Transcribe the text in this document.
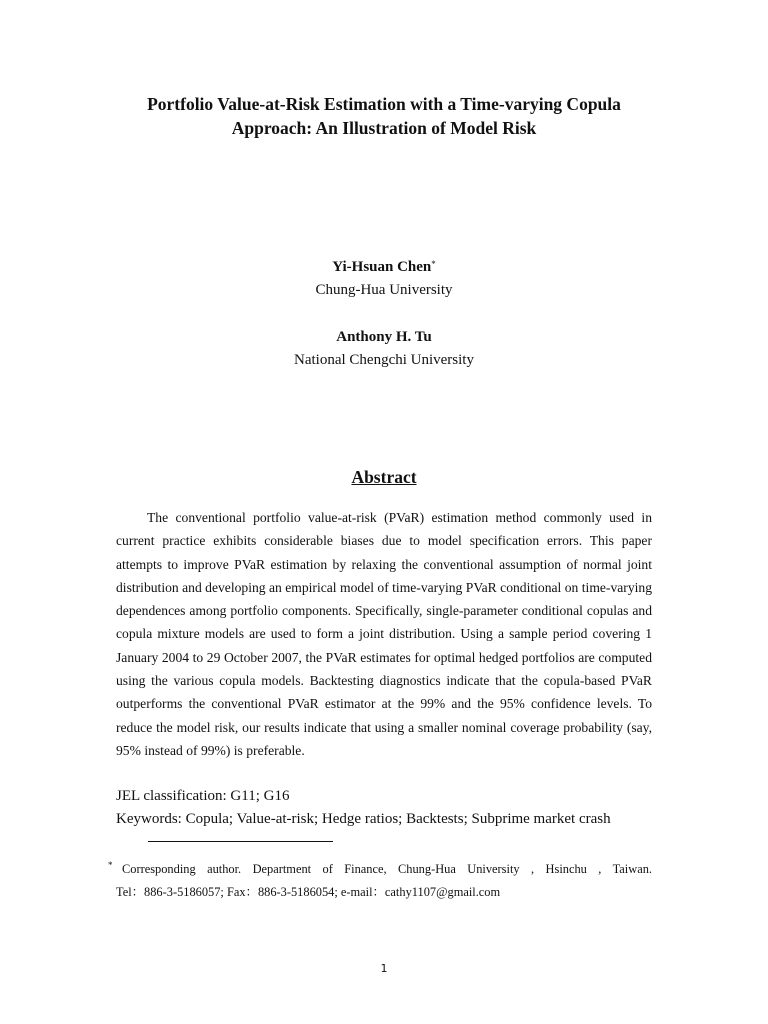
Portfolio Value-at-Risk Estimation with a Time-varying Copula
Approach: An Illustration of Model Risk
Yi-Hsuan Chen*
Chung-Hua University
Anthony H. Tu
National Chengchi University
Abstract

The conventional portfolio value-at-risk (PVaR) estimation method commonly used in current practice exhibits considerable biases due to model specification errors. This paper attempts to improve PVaR estimation by relaxing the conventional assumption of normal joint distribution and developing an empirical model of time-varying PVaR conditional on time-varying dependences among portfolio components. Specifically, single-parameter conditional copulas and copula mixture models are used to form a joint distribution. Using a sample period covering 1 January 2004 to 29 October 2007, the PVaR estimates for optimal hedged portfolios are computed using the various copula models. Backtesting diagnostics indicate that the copula-based PVaR outperforms the conventional PVaR estimator at the 99% and the 95% confidence levels. To reduce the model risk, our results indicate that using a smaller nominal coverage probability (say, 95% instead of 99%) is preferable.

JEL classification: G11; G16
Keywords: Copula; Value-at-risk; Hedge ratios; Backtests; Subprime market crash
* Corresponding author. Department of Finance, Chung-Hua University , Hsinchu , Taiwan.
Tel：886-3-5186057; Fax：886-3-5186054; e-mail：cathy1107@gmail.com
1
